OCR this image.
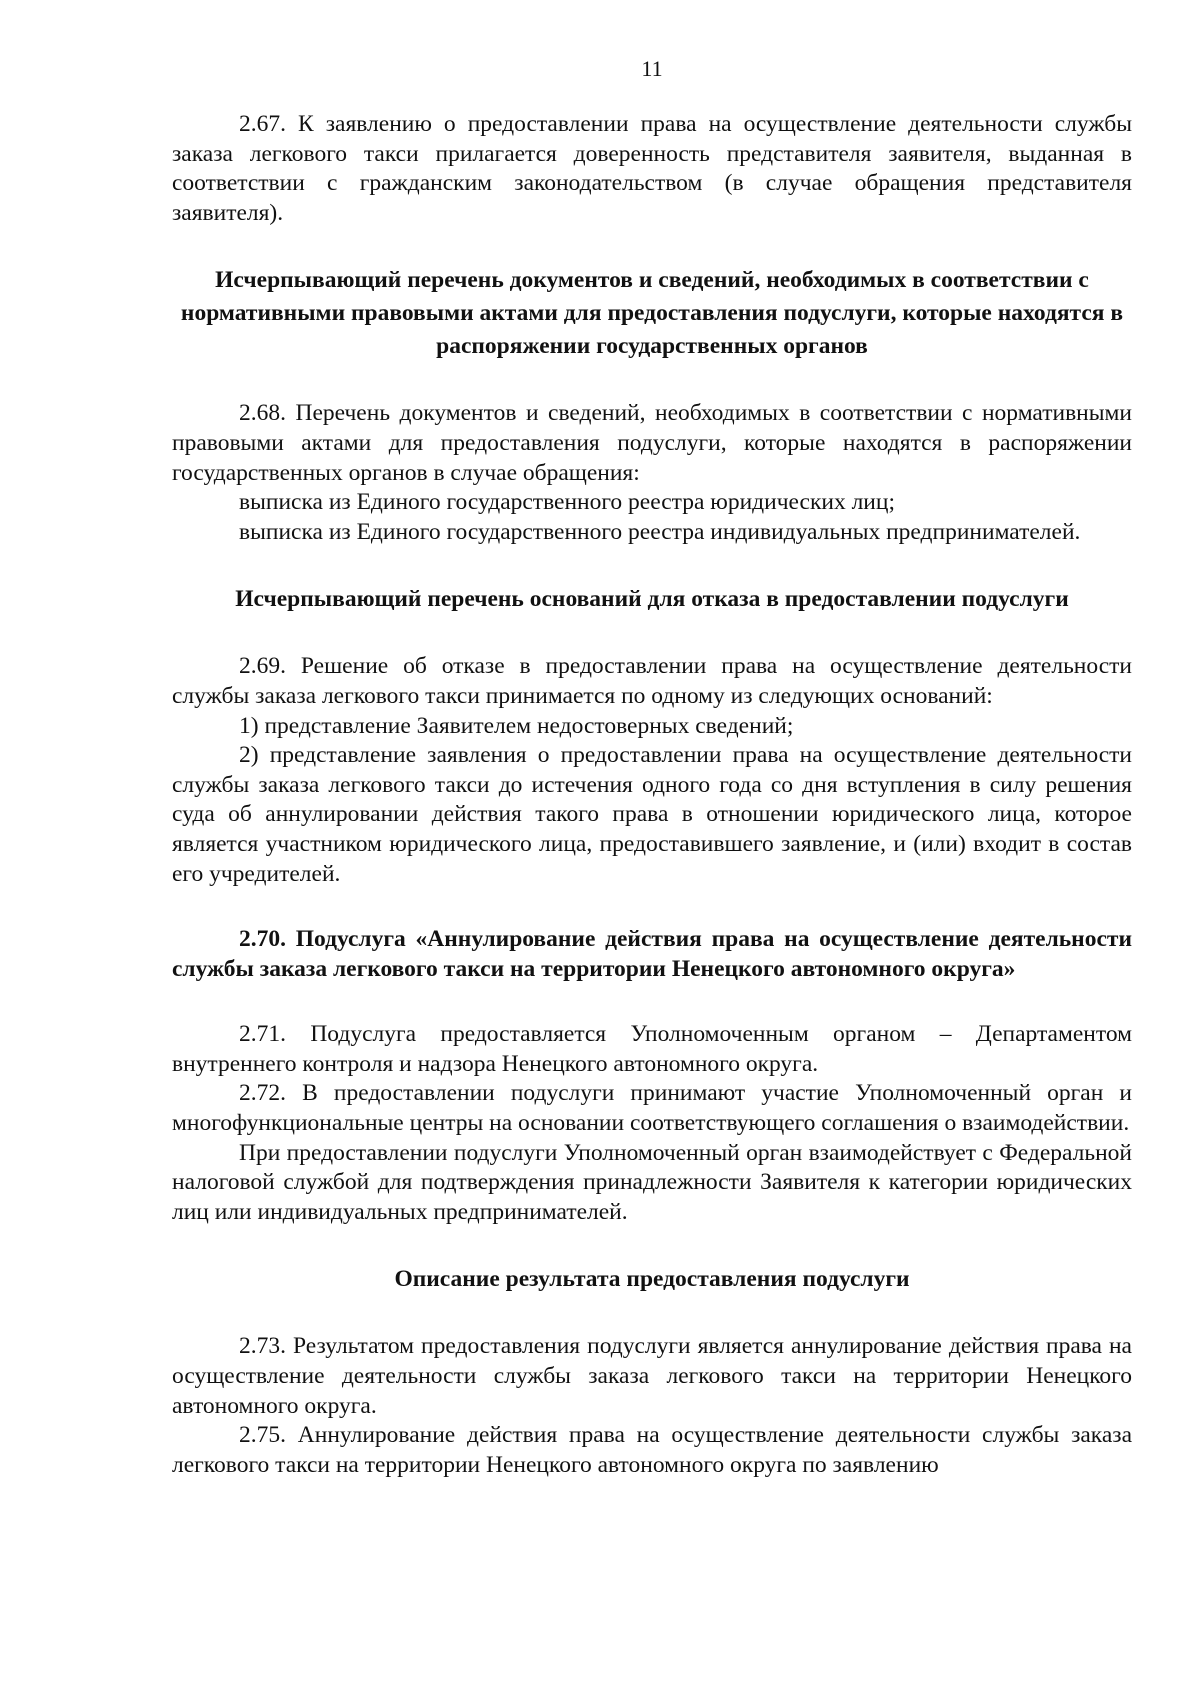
11

2.67. К заявлению о предоставлении права на осуществление деятельности службы заказа легкового такси прилагается доверенность представителя заявителя, выданная в соответствии с гражданским законодательством (в случае обращения представителя заявителя).

Исчерпывающий перечень документов и сведений, необходимых в соответствии с нормативными правовыми актами для предоставления подуслуги, которые находятся в распоряжении государственных органов

2.68. Перечень документов и сведений, необходимых в соответствии с нормативными правовыми актами для предоставления подуслуги, которые находятся в распоряжении государственных органов в случае обращения:

выписка из Единого государственного реестра юридических лиц;

выписка из Единого государственного реестра индивидуальных предпринимателей.

Исчерпывающий перечень оснований для отказа в предоставлении подуслуги

2.69. Решение об отказе в предоставлении права на осуществление деятельности службы заказа легкового такси принимается по одному из следующих оснований:

1) представление Заявителем недостоверных сведений;

2) представление заявления о предоставлении права на осуществление деятельности службы заказа легкового такси до истечения одного года со дня вступления в силу решения суда об аннулировании действия такого права в отношении юридического лица, которое является участником юридического лица, предоставившего заявление, и (или) входит в состав его учредителей.

2.70. Подуслуга «Аннулирование действия права на осуществление деятельности службы заказа легкового такси на территории Ненецкого автономного округа»

2.71. Подуслуга предоставляется Уполномоченным органом – Департаментом внутреннего контроля и надзора Ненецкого автономного округа.

2.72. В предоставлении подуслуги принимают участие Уполномоченный орган и многофункциональные центры на основании соответствующего соглашения о взаимодействии.

При предоставлении подуслуги Уполномоченный орган взаимодействует с Федеральной налоговой службой для подтверждения принадлежности Заявителя к категории юридических лиц или индивидуальных предпринимателей.

Описание результата предоставления подуслуги

2.73. Результатом предоставления подуслуги является аннулирование действия права на осуществление деятельности службы заказа легкового такси на территории Ненецкого автономного округа.

2.75. Аннулирование действия права на осуществление деятельности службы заказа легкового такси на территории Ненецкого автономного округа по заявлению
